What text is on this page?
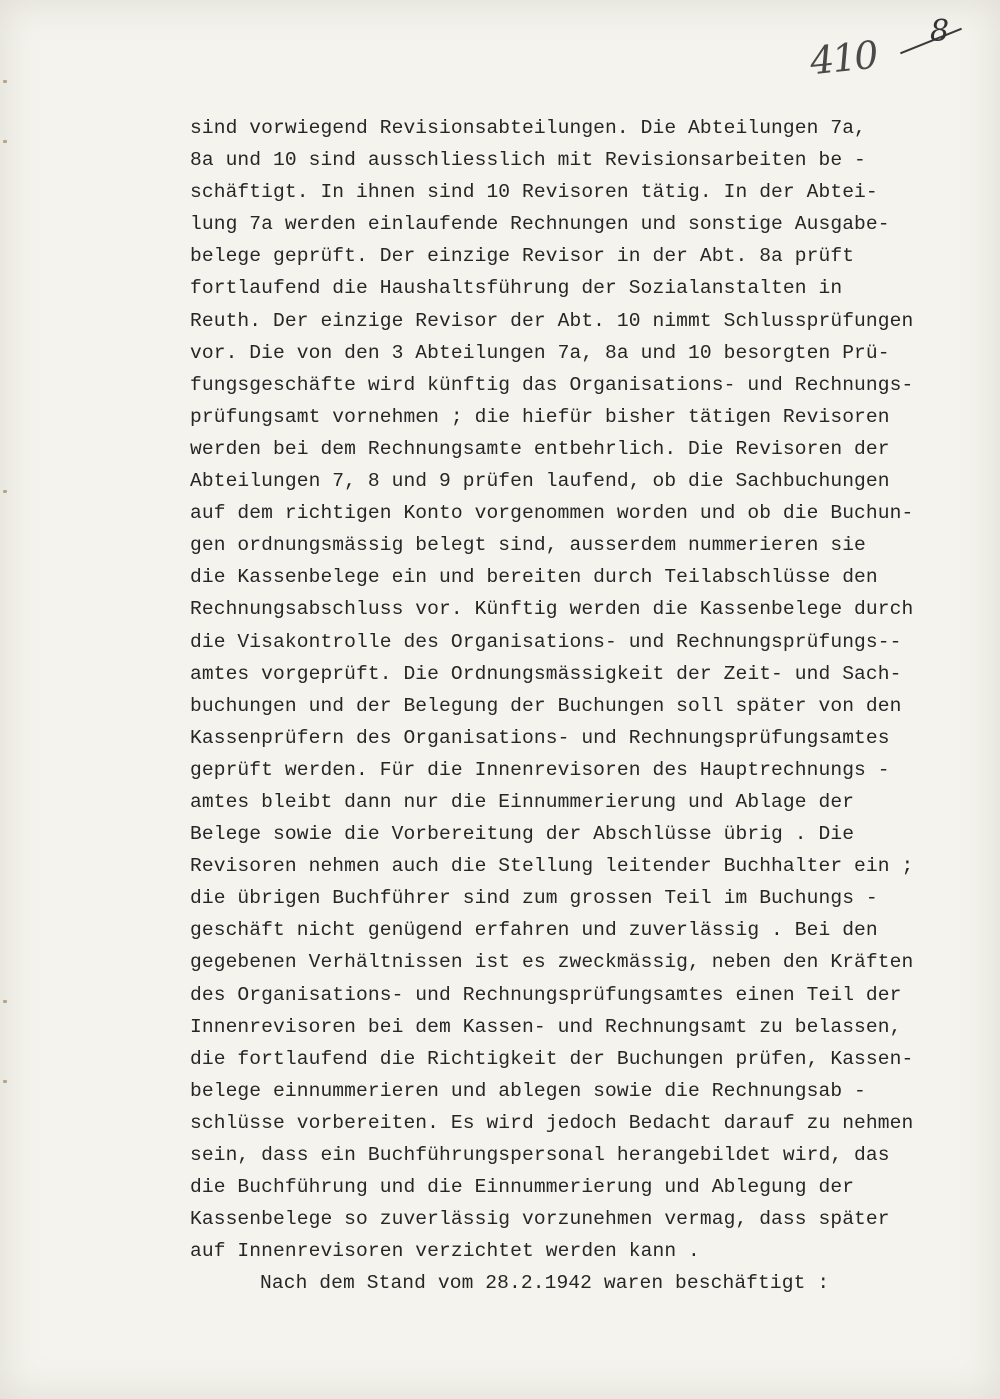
410
8
sind vorwiegend Revisionsabteilungen. Die Abteilungen 7a,
8a und 10 sind ausschliesslich mit Revisionsarbeiten be -
schäftigt. In ihnen sind 10 Revisoren tätig. In der Abtei-
lung 7a werden einlaufende Rechnungen und sonstige Ausgabe-
belege geprüft. Der einzige Revisor in der Abt. 8a prüft
fortlaufend die Haushaltsführung der Sozialanstalten in
Reuth. Der einzige Revisor der Abt. 10 nimmt Schlussprüfungen
vor. Die von den 3 Abteilungen 7a, 8a und 10 besorgten Prü-
fungsgeschäfte wird künftig das Organisations- und Rechnungs-
prüfungsamt vornehmen ; die hiefür bisher tätigen Revisoren
werden bei dem Rechnungsamte entbehrlich. Die Revisoren der
Abteilungen 7, 8 und 9 prüfen laufend, ob die Sachbuchungen
auf dem richtigen Konto vorgenommen worden und ob die Buchun-
gen ordnungsmässig belegt sind, ausserdem nummerieren sie
die Kassenbelege ein und bereiten durch Teilabschlüsse den
Rechnungsabschluss vor. Künftig werden die Kassenbelege durch
die Visakontrolle des Organisations- und Rechnungsprüfungs--
amtes vorgeprüft. Die Ordnungsmässigkeit der Zeit- und Sach-
buchungen und der Belegung der Buchungen soll später von den
Kassenprüfern des Organisations- und Rechnungsprüfungsamtes
geprüft werden. Für die Innenrevisoren des Hauptrechnungs -
amtes bleibt dann nur die Einnummerierung und Ablage der
Belege sowie die Vorbereitung der Abschlüsse übrig . Die
Revisoren nehmen auch die Stellung leitender Buchhalter ein ;
die übrigen Buchführer sind zum grossen Teil im Buchungs -
geschäft nicht genügend erfahren und zuverlässig . Bei den
gegebenen Verhältnissen ist es zweckmässig, neben den Kräften
des Organisations- und Rechnungsprüfungsamtes einen Teil der
Innenrevisoren bei dem Kassen- und Rechnungsamt zu belassen,
die fortlaufend die Richtigkeit der Buchungen prüfen, Kassen-
belege einnummerieren und ablegen sowie die Rechnungsab -
schlüsse vorbereiten. Es wird jedoch Bedacht darauf zu nehmen
sein, dass ein Buchführungspersonal herangebildet wird, das
die Buchführung und die Einnummerierung und Ablegung der
Kassenbelege so zuverlässig vorzunehmen vermag, dass später
auf Innenrevisoren verzichtet werden kann .
Nach dem Stand vom 28.2.1942 waren beschäftigt :
